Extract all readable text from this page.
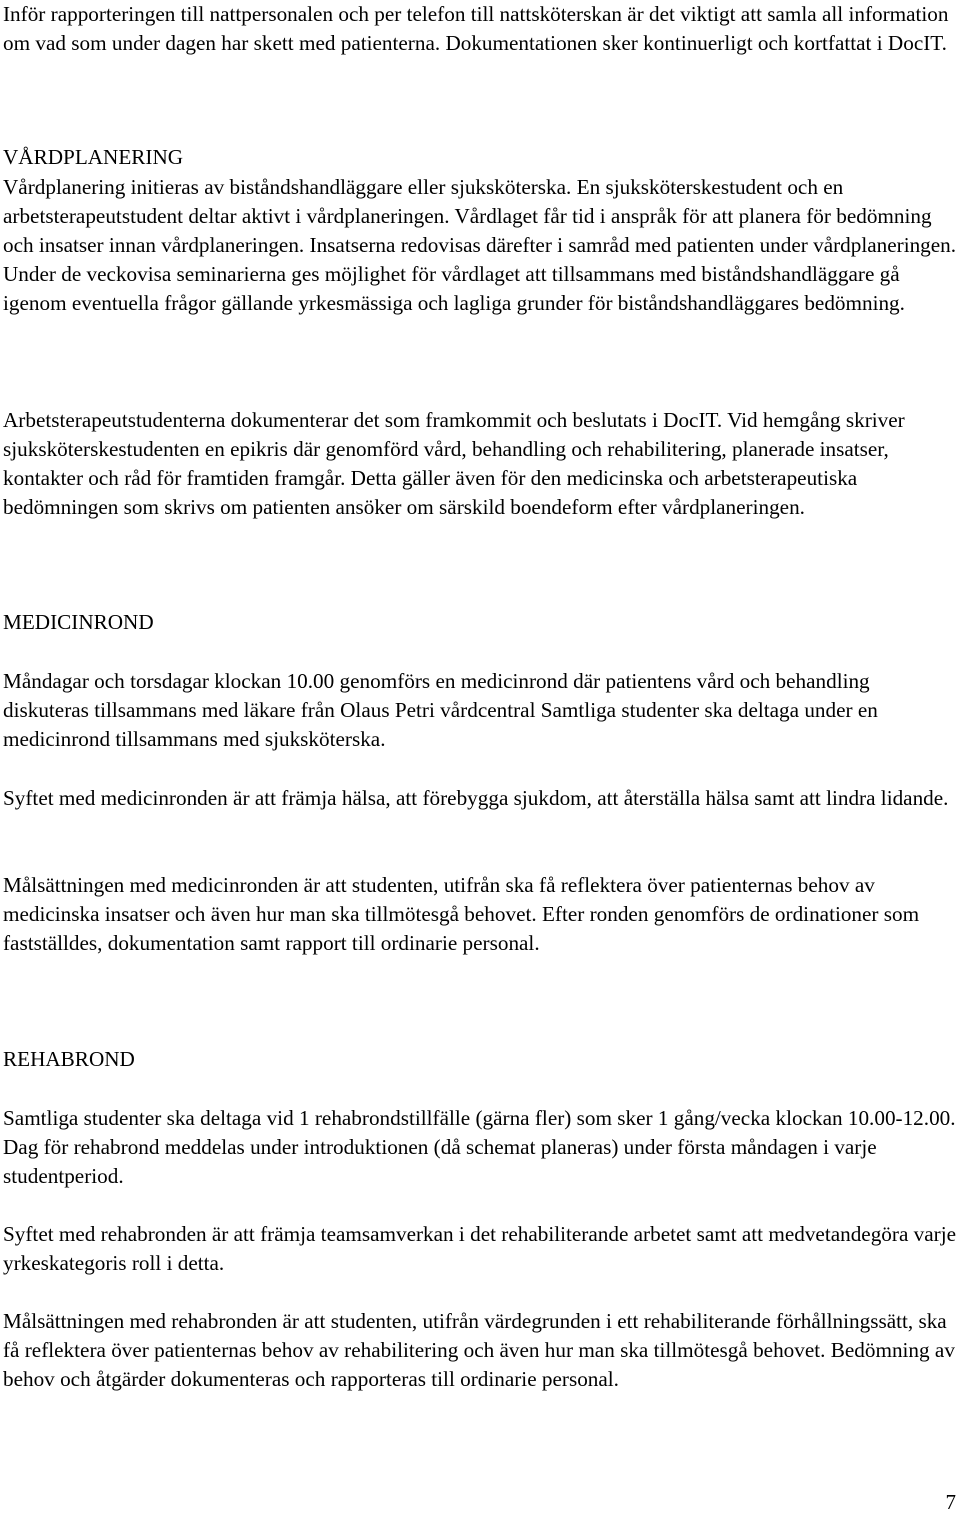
Inför rapporteringen till nattpersonalen och per telefon till nattsköterskan är det viktigt att samla all information om vad som under dagen har skett med patienterna. Dokumentationen sker kontinuerligt och kortfattat i DocIT.

VÅRDPLANERING

Vårdplanering initieras av biståndshandläggare eller sjuksköterska. En sjuksköterskestudent och en arbetsterapeutstudent deltar aktivt i vårdplaneringen. Vårdlaget får tid i anspråk för att planera för bedömning och insatser innan vårdplaneringen. Insatserna redovisas därefter i samråd med patienten under vårdplaneringen. Under de veckovisa seminarierna ges möjlighet för vårdlaget att tillsammans med biståndshandläggare gå igenom eventuella frågor gällande yrkesmässiga och lagliga grunder för biståndshandläggares bedömning.

Arbetsterapeutstudenterna dokumenterar det som framkommit och beslutats i DocIT. Vid hemgång skriver sjuksköterskestudenten en epikris där genomförd vård, behandling och rehabilitering, planerade insatser, kontakter och råd för framtiden framgår. Detta gäller även för den medicinska och arbetsterapeutiska bedömningen som skrivs om patienten ansöker om särskild boendeform efter vårdplaneringen.

MEDICINROND

Måndagar och torsdagar klockan 10.00 genomförs en medicinrond där patientens vård och behandling diskuteras tillsammans med läkare från Olaus Petri vårdcentral Samtliga studenter ska deltaga under en medicinrond tillsammans med sjuksköterska.

Syftet med medicinronden är att främja hälsa, att förebygga sjukdom, att återställa hälsa samt att lindra lidande.

Målsättningen med medicinronden är att studenten, utifrån ska få reflektera över patienternas behov av medicinska insatser och även hur man ska tillmötesgå behovet. Efter ronden genomförs de ordinationer som fastställdes, dokumentation samt rapport till ordinarie personal.

REHABROND

Samtliga studenter ska deltaga vid 1 rehabrondstillfälle (gärna fler) som sker 1 gång/vecka klockan 10.00-12.00. Dag för rehabrond meddelas under introduktionen (då schemat planeras) under första måndagen i varje studentperiod.

Syftet med rehabronden är att främja teamsamverkan i det rehabiliterande arbetet samt att medvetandegöra varje yrkeskategoris roll i detta.

Målsättningen med rehabronden är att studenten, utifrån värdegrunden i ett rehabiliterande förhållningssätt, ska få reflektera över patienternas behov av rehabilitering och även hur man ska tillmötesgå behovet. Bedömning av behov och åtgärder dokumenteras och rapporteras till ordinarie personal.

7
